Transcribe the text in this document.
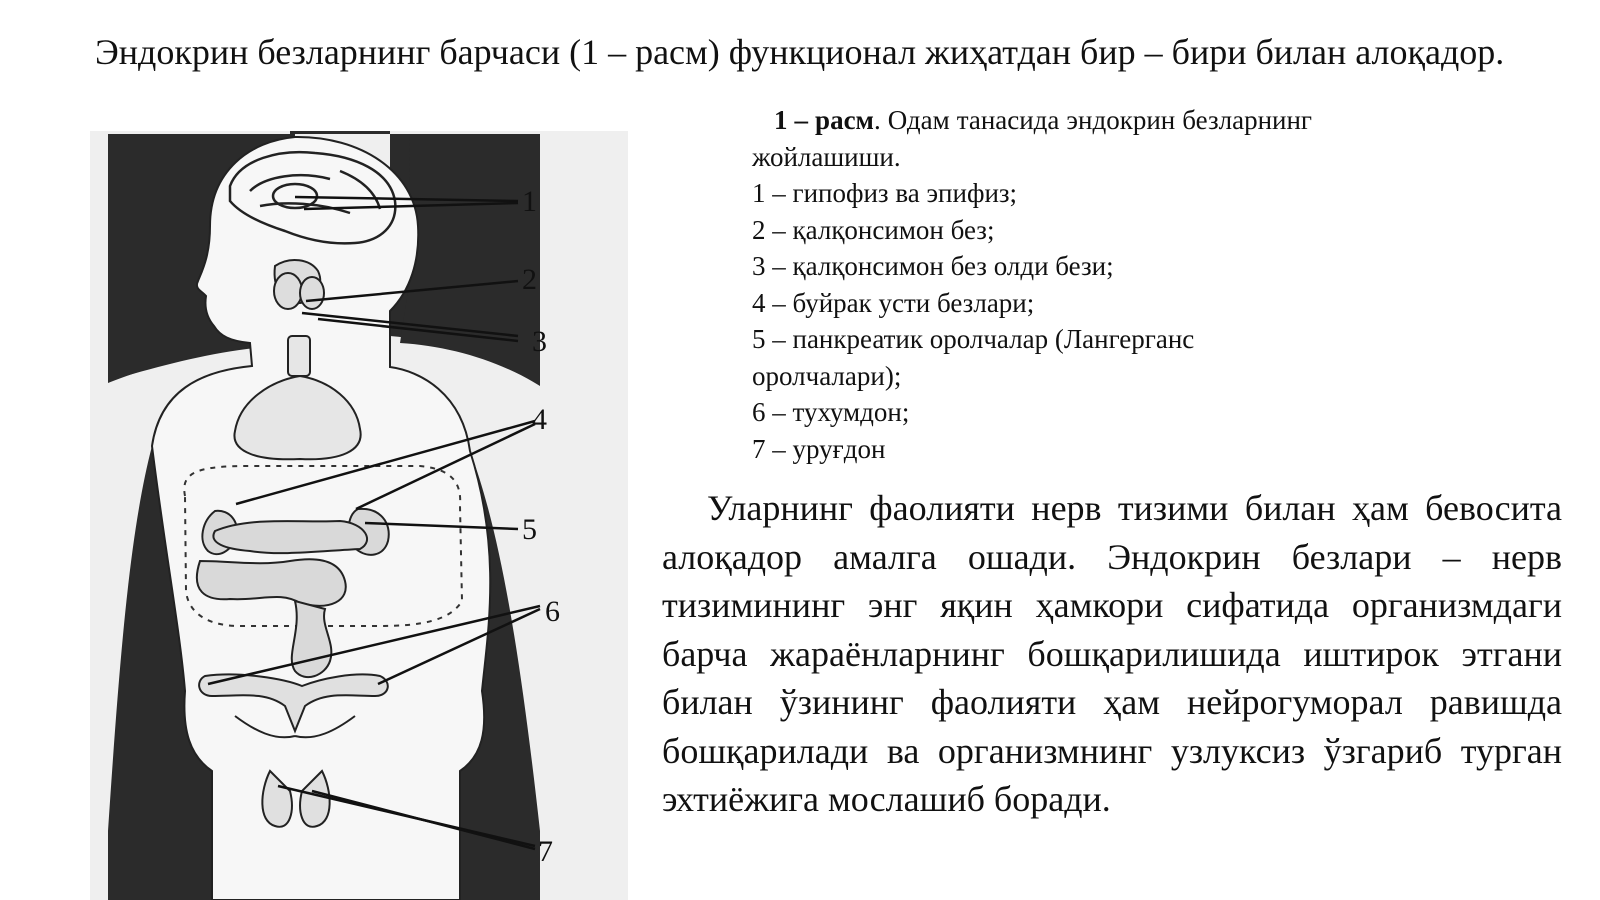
Эндокрин безларнинг барчаси (1 – расм) функционал жиҳатдан бир – бири билан алоқадор.

1
2
3
4
5
6
7
1 – расм. Одам танасида эндокрин безларнинг жойлашиши.
1 – гипофиз ва эпифиз;
2 – қалқонсимон без;
3 – қалқонсимон без олди бези;
4 – буйрак усти безлари;
5 – панкреатик оролчалар (Лангерганс оролчалари);
6 – тухумдон;
7 – уруғдон

Уларнинг фаолияти нерв тизими билан ҳам бевосита алоқадор амалга ошади. Эндокрин безлари – нерв тизимининг энг яқин ҳамкори сифатида организмдаги барча жараёнларнинг бошқарилишида иштирок этгани билан ўзининг фаолияти ҳам нейрогуморал равишда бошқарилади ва организмнинг узлуксиз ўзгариб турган эхтиёжига мослашиб боради.
